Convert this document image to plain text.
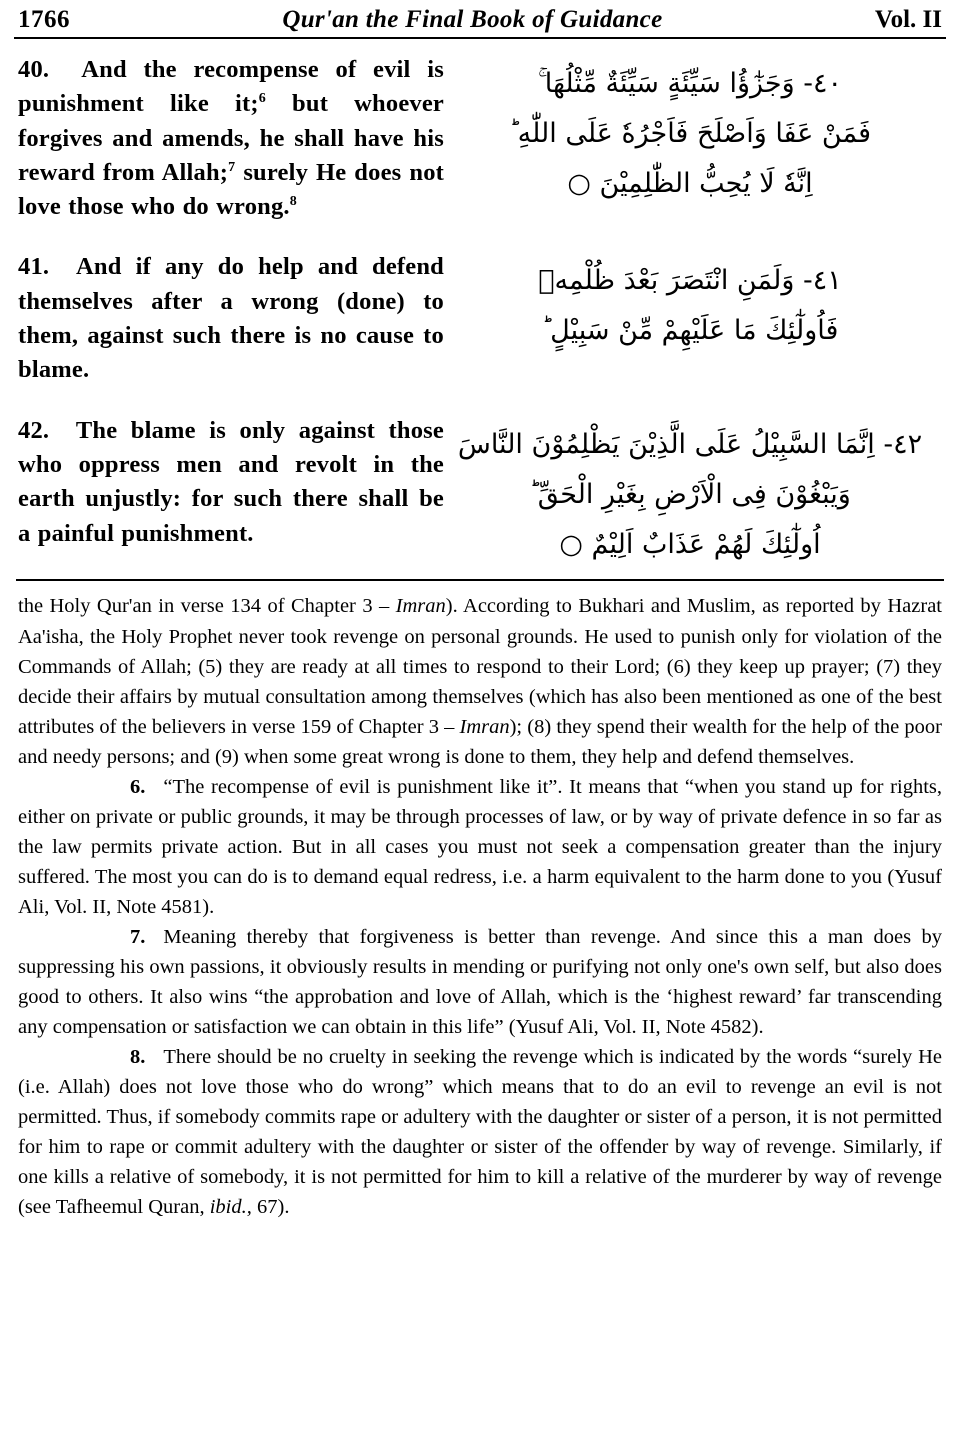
1766	Qur'an the Final Book of Guidance	Vol. II
40.  And the recompense of evil is punishment like it;$^6$ but whoever forgives and amends, he shall have his reward from Allah;$^7$ surely He does not love those who do wrong.$^8$
٤٠- وَجَزٰٓؤُا سَيِّئَةٍ سَيِّئَةٌ مِّثْلُهَا ۚ
فَمَنْ عَفَا وَاَصْلَحَ فَاَجْرُهٗ عَلَى اللّٰهِ ؕ
اِنَّهٗ لَا يُحِبُّ الظّٰلِمِيْنَ ○
41.  And if any do help and defend themselves after a wrong (done) to them, against such there is no cause to blame.
٤١- وَلَمَنِ انْتَصَرَ بَعْدَ ظُلْمِهٖ
فَاُولٰٓئِكَ مَا عَلَيْهِمْ مِّنْ سَبِيْلٍ ؕ
42.  The blame is only against those who oppress men and revolt in the earth unjustly: for such there shall be a painful punishment.
٤٢- اِنَّمَا السَّبِيْلُ عَلَى الَّذِيْنَ يَظْلِمُوْنَ النَّاسَ
وَيَبْغُوْنَ فِى الْاَرْضِ بِغَيْرِ الْحَقِّ ؕ
اُولٰٓئِكَ لَهُمْ عَذَابٌ اَلِيْمٌ ○

the Holy Qur'an in verse 134 of Chapter 3 – Imran). According to Bukhari and Muslim, as reported by Hazrat Aa'isha, the Holy Prophet never took revenge on personal grounds. He used to punish only for violation of the Commands of Allah; (5) they are ready at all times to respond to their Lord; (6) they keep up prayer; (7) they decide their affairs by mutual consultation among themselves (which has also been mentioned as one of the best attributes of the believers in verse 159 of Chapter 3 – Imran); (8) they spend their wealth for the help of the poor and needy persons; and (9) when some great wrong is done to them, they help and defend themselves.

6. “The recompense of evil is punishment like it”. It means that “when you stand up for rights, either on private or public grounds, it may be through processes of law, or by way of private defence in so far as the law permits private action. But in all cases you must not seek a compensation greater than the injury suffered. The most you can do is to demand equal redress, i.e. a harm equivalent to the harm done to you (Yusuf Ali, Vol. II, Note 4581).

7. Meaning thereby that forgiveness is better than revenge. And since this a man does by suppressing his own passions, it obviously results in mending or purifying not only one's own self, but also does good to others. It also wins “the approbation and love of Allah, which is the ‘highest reward’ far transcending any compensation or satisfaction we can obtain in this life” (Yusuf Ali, Vol. II, Note 4582).

8. There should be no cruelty in seeking the revenge which is indicated by the words “surely He (i.e. Allah) does not love those who do wrong” which means that to do an evil to revenge an evil is not permitted. Thus, if somebody commits rape or adultery with the daughter or sister of a person, it is not permitted for him to rape or commit adultery with the daughter or sister of the offender by way of revenge. Similarly, if one kills a relative of somebody, it is not permitted for him to kill a relative of the murderer by way of revenge (see Tafheemul Quran, ibid., 67).
